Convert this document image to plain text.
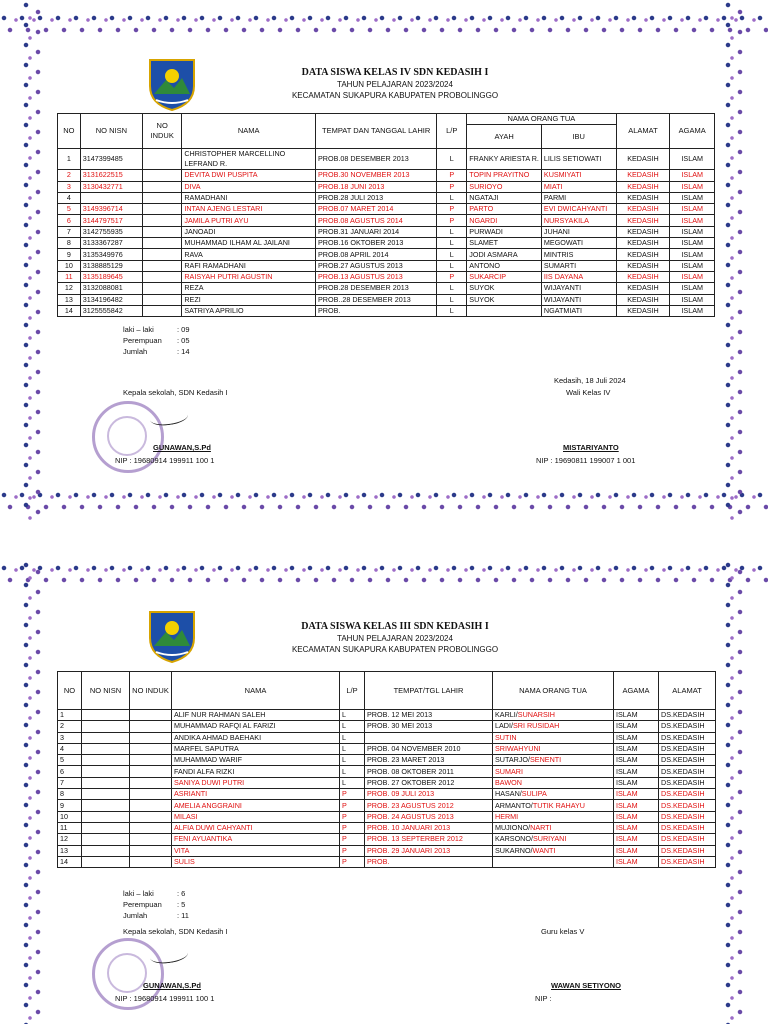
DATA SISWA KELAS IV SDN KEDASIH I
TAHUN PELAJARAN 2023/2024
KECAMATAN SUKAPURA KABUPATEN PROBOLINGGO
NO	NO NISN	NO INDUK	NAMA	TEMPAT DAN TANGGAL LAHIR	L/P	NAMA ORANG TUA		ALAMAT	AGAMA
						AYAH	IBU		
1	3147399485		CHRISTOPHER MARCELLINO LEFRAND R.	PROB.08 DESEMBER 2013	L	FRANKY ARIESTA R.	LILIS SETIOWATI	KEDASIH	ISLAM
2	3131622515		DEVITA DWI PUSPITA	PROB.30 NOVEMBER 2013	P	TOPIN PRAYITNO	KUSMIYATI	KEDASIH	ISLAM
3	3130432771		DIVA	PROB.18 JUNI 2013	P	SURIOYO	MIATI	KEDASIH	ISLAM
4			RAMADHANI	PROB.28 JULI 2013	L	NGATAJI	PARMI	KEDASIH	ISLAM
5	3149396714		INTAN AJENG LESTARI	PROB.07 MARET 2014	P	PARTO	EVI DWICAHYANTI	KEDASIH	ISLAM
6	3144797517		JAMILA PUTRI AYU	PROB.08 AGUSTUS 2014	P	NGARDI	NURSYAKILA	KEDASIH	ISLAM
7	3142755935		JANOADI	PROB.31 JANUARI 2014	L	PURWADI	JUHANI	KEDASIH	ISLAM
8	3133367287		MUHAMMAD ILHAM AL JAILANI	PROB.16 OKTOBER 2013	L	SLAMET	MEGOWATI	KEDASIH	ISLAM
9	3135349976		RAVA	PROB.08 APRIL 2014	L	JODI ASMARA	MINTRIS	KEDASIH	ISLAM
10	3138885129		RAFI RAMADHANI	PROB.27 AGUSTUS 2013	L	ANTONO	SUMARTI	KEDASIH	ISLAM
11	3135189645		RAISYAH PUTRI AGUSTIN	PROB.13 AGUSTUS 2013	P	SUKARCIP	IIS DAYANA	KEDASIH	ISLAM
12	3132088081		REZA	PROB.28 DESEMBER 2013	L	SUYOK	WIJAYANTI	KEDASIH	ISLAM
13	3134196482		REZI	PROB..28 DESEMBER 2013	L	SUYOK	WIJAYANTI	KEDASIH	ISLAM
14	3125555842		SATRIYA APRILIO	PROB.	L		NGATMIATI	KEDASIH	ISLAM
laki – laki	: 09
Perempuan : 05
Jumlah	: 14
Kepala sekolah, SDN Kedasih I
Kedasih, 18 Juli 2024
Wali Kelas IV
GUNAWAN,S.Pd
NIP : 19680914 199911 100 1
MISTARIYANTO
NIP : 19690811 199007 1 001
DATA SISWA KELAS III SDN KEDASIH I
TAHUN PELAJARAN 2023/2024
KECAMATAN SUKAPURA KABUPATEN PROBOLINGGO
NO	NO NISN	NO INDUK	NAMA	L/P	TEMPAT/TGL LAHIR	NAMA ORANG TUA	AGAMA	ALAMAT
1			ALIF NUR RAHMAN SALEH	L	PROB. 12 MEI 2013	KARLI/SUNARSIH	ISLAM	DS.KEDASIH
2			MUHAMMAD RAFQI AL FARIZI	L	PROB. 30 MEI 2013	LADI/SRI RUSIDAH	ISLAM	DS.KEDASIH
3			ANDIKA AHMAD BAEHAKI	L		SUTIN	ISLAM	DS.KEDASIH
4			MARFEL SAPUTRA	L	PROB. 04 NOVEMBER 2010	SRIWAHYUNI	ISLAM	DS.KEDASIH
5			MUHAMMAD WARIF	L	PROB. 23 MARET 2013	SUTARJO/SENENTI	ISLAM	DS.KEDASIH
6			FANDI ALFA RIZKI	L	PROB. 08 OKTOBER 2011	SUMARI	ISLAM	DS.KEDASIH
7			SANIYA DUWI PUTRI	L	PROB. 27 OKTOBER 2012	BAWON	ISLAM	DS.KEDASIH
8			ASRIANTI	P	PROB. 09 JULI 2013	HASAN/SULIPA	ISLAM	DS.KEDASIH
9			AMELIA ANGGRAINI	P	PROB. 23 AGUSTUS 2012	ARMANTO/TUTIK RAHAYU	ISLAM	DS.KEDASIH
10			MILASI	P	PROB. 24 AGUSTUS 2013	HERMI	ISLAM	DS.KEDASIH
11			ALFIA DUWI CAHYANTI	P	PROB. 10 JANUARI 2013	MUJIONO/NARTI	ISLAM	DS.KEDASIH
12			FENI AYUANTIKA	P	PROB. 13 SEPTERBER 2012	KARSONO/SURIYANI	ISLAM	DS.KEDASIH
13			VITA	P	PROB. 29 JANUARI 2013	SUKARNO/WANTI	ISLAM	DS.KEDASIH
14			SULIS	P	PROB.		ISLAM	DS.KEDASIH
laki – laki	: 6
Perempuan : 5
Jumlah	: 11
Kepala sekolah, SDN Kedasih I	Guru kelas V
GUNAWAN,S.Pd
NIP : 19680914 199911 100 1
WAWAN SETIYONO
NIP :
